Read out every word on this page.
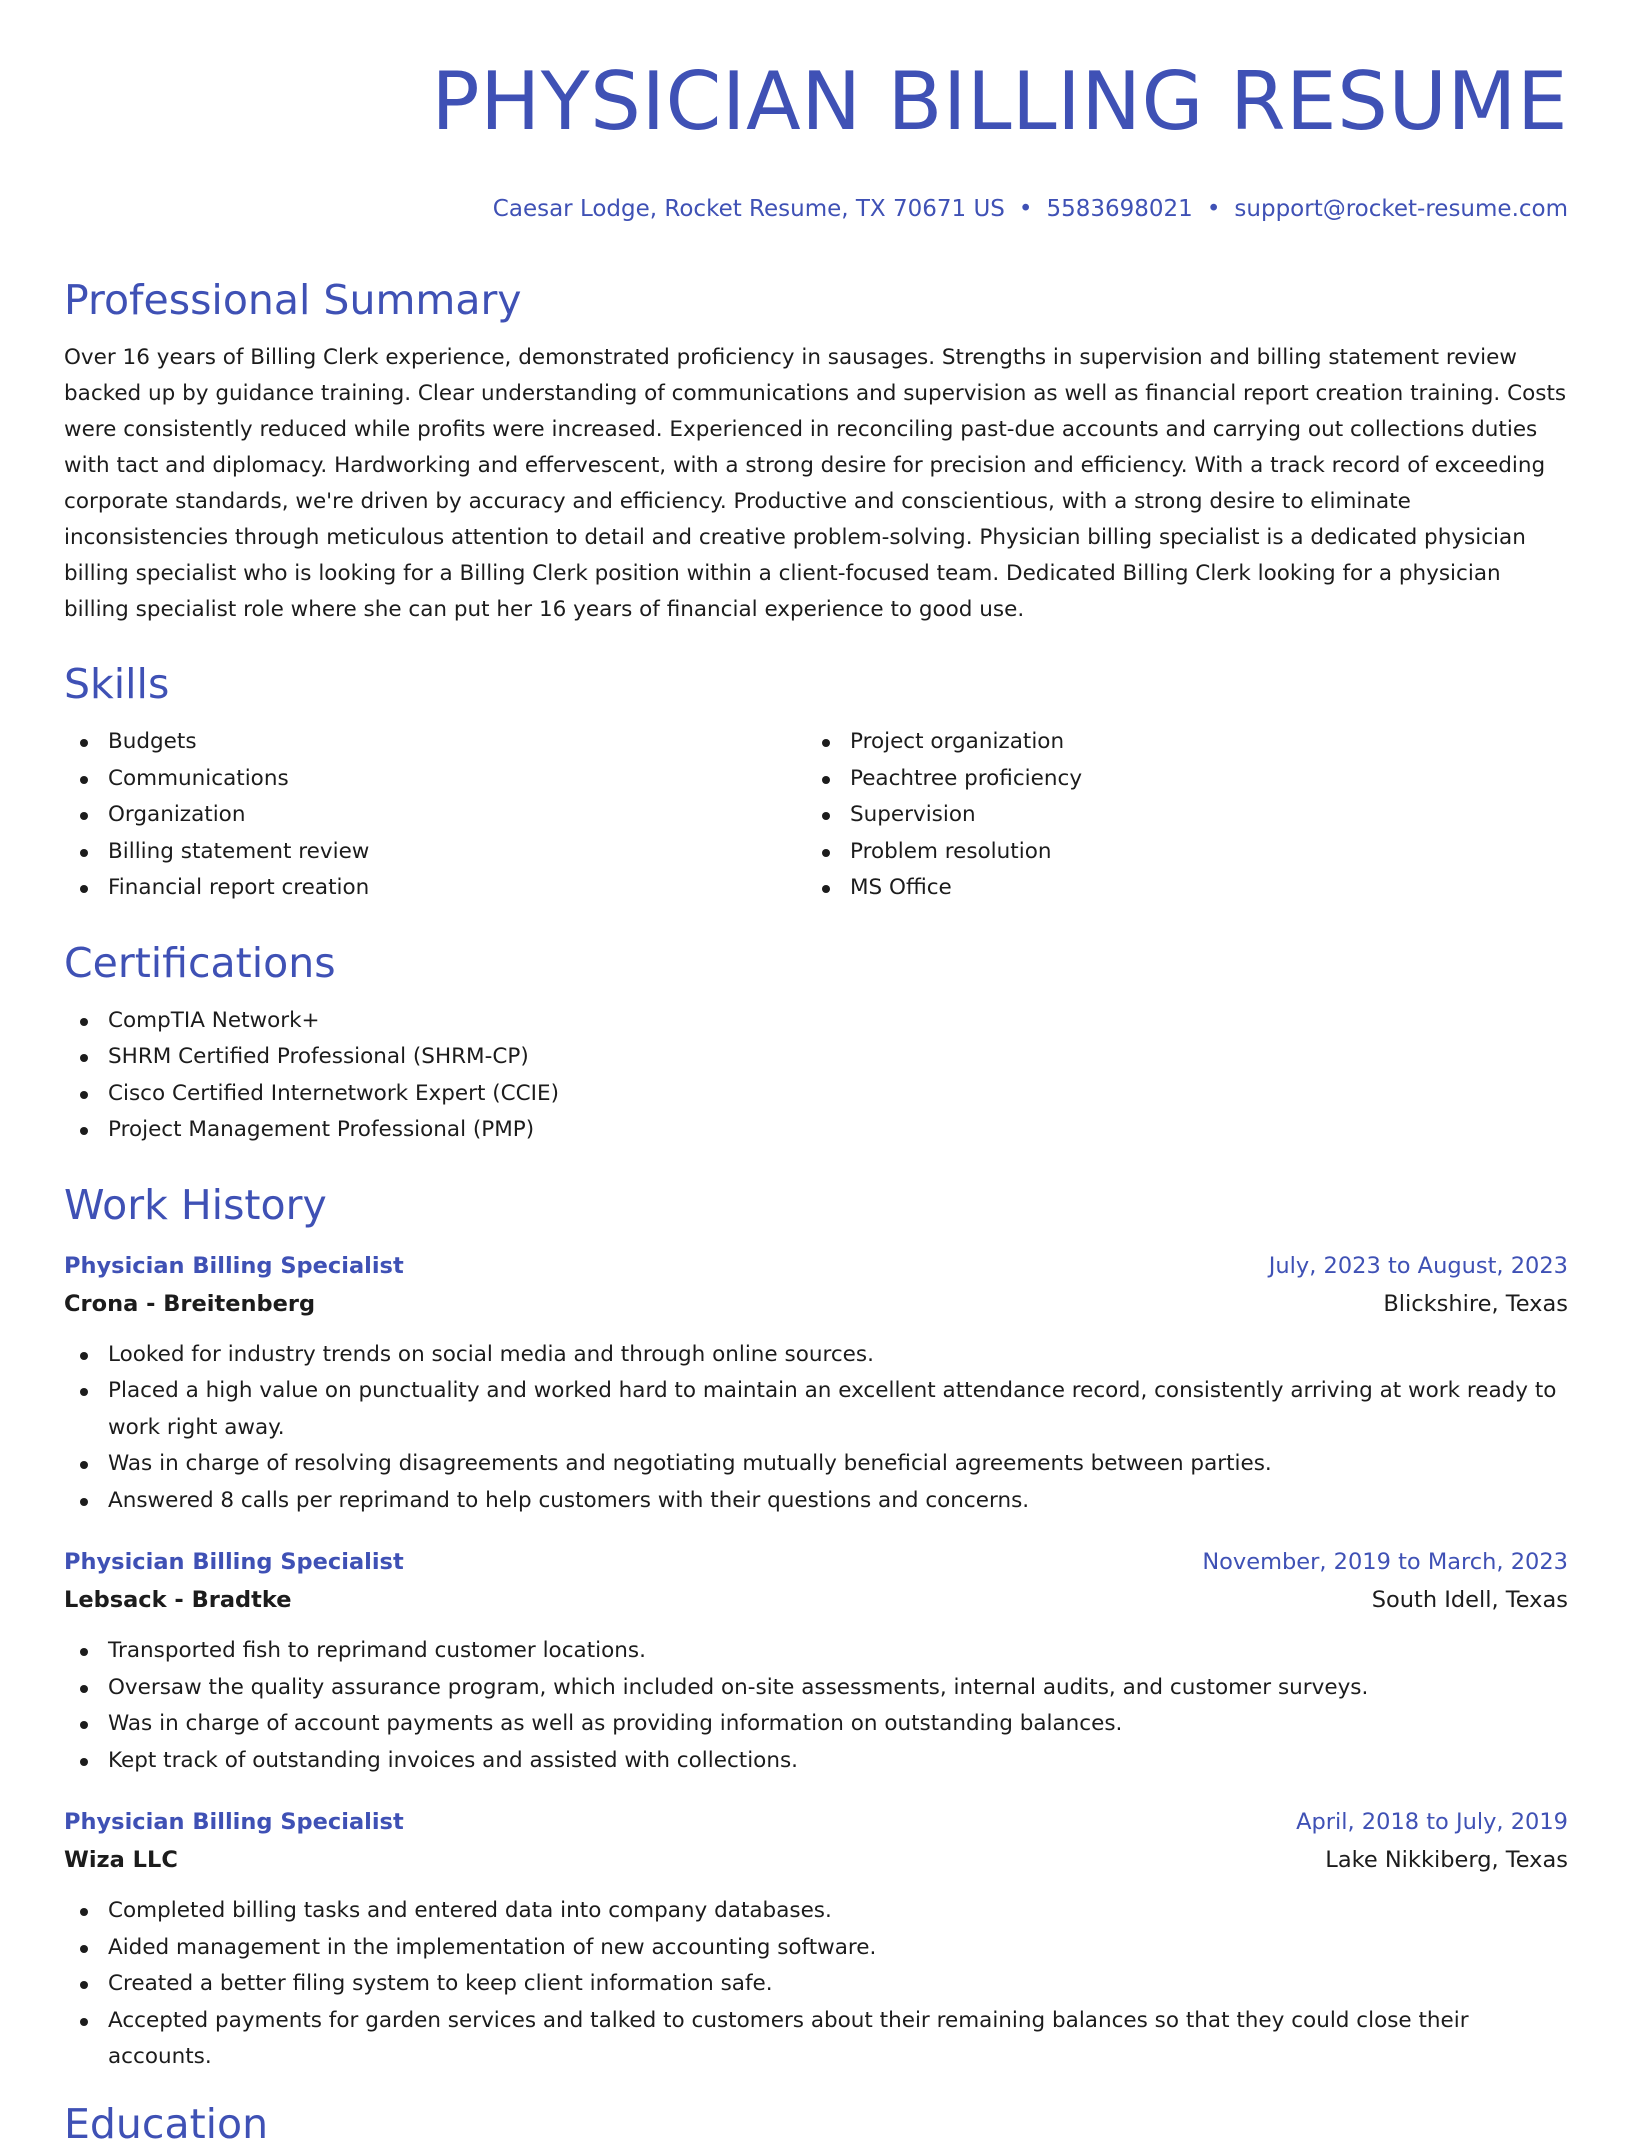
PHYSICIAN BILLING RESUME
Caesar Lodge, Rocket Resume, TX 70671 US • 5583698021 • support@rocket-resume.com
Professional Summary

Over 16 years of Billing Clerk experience, demonstrated proficiency in sausages. Strengths in supervision and billing statement review backed up by guidance training. Clear understanding of communications and supervision as well as financial report creation training. Costs were consistently reduced while profits were increased. Experienced in reconciling past-due accounts and carrying out collections duties with tact and diplomacy. Hardworking and effervescent, with a strong desire for precision and efficiency. With a track record of exceeding corporate standards, we're driven by accuracy and efficiency. Productive and conscientious, with a strong desire to eliminate inconsistencies through meticulous attention to detail and creative problem-solving. Physician billing specialist is a dedicated physician billing specialist who is looking for a Billing Clerk position within a client-focused team. Dedicated Billing Clerk looking for a physician billing specialist role where she can put her 16 years of financial experience to good use.

Skills
Budgets
Communications
Organization
Billing statement review
Financial report creation
Project organization
Peachtree proficiency
Supervision
Problem resolution
MS Office
Certifications
CompTIA Network+
SHRM Certified Professional (SHRM-CP)
Cisco Certified Internetwork Expert (CCIE)
Project Management Professional (PMP)
Work History
Physician Billing Specialist	July, 2023 to August, 2023
Crona - Breitenberg	Blickshire, Texas
Looked for industry trends on social media and through online sources.
Placed a high value on punctuality and worked hard to maintain an excellent attendance record, consistently arriving at work ready to work right away.
Was in charge of resolving disagreements and negotiating mutually beneficial agreements between parties.
Answered 8 calls per reprimand to help customers with their questions and concerns.
Physician Billing Specialist	November, 2019 to March, 2023
Lebsack - Bradtke	South Idell, Texas
Transported fish to reprimand customer locations.
Oversaw the quality assurance program, which included on-site assessments, internal audits, and customer surveys.
Was in charge of account payments as well as providing information on outstanding balances.
Kept track of outstanding invoices and assisted with collections.
Physician Billing Specialist	April, 2018 to July, 2019
Wiza LLC	Lake Nikkiberg, Texas
Completed billing tasks and entered data into company databases.
Aided management in the implementation of new accounting software.
Created a better filing system to keep client information safe.
Accepted payments for garden services and talked to customers about their remaining balances so that they could close their accounts.
Education
